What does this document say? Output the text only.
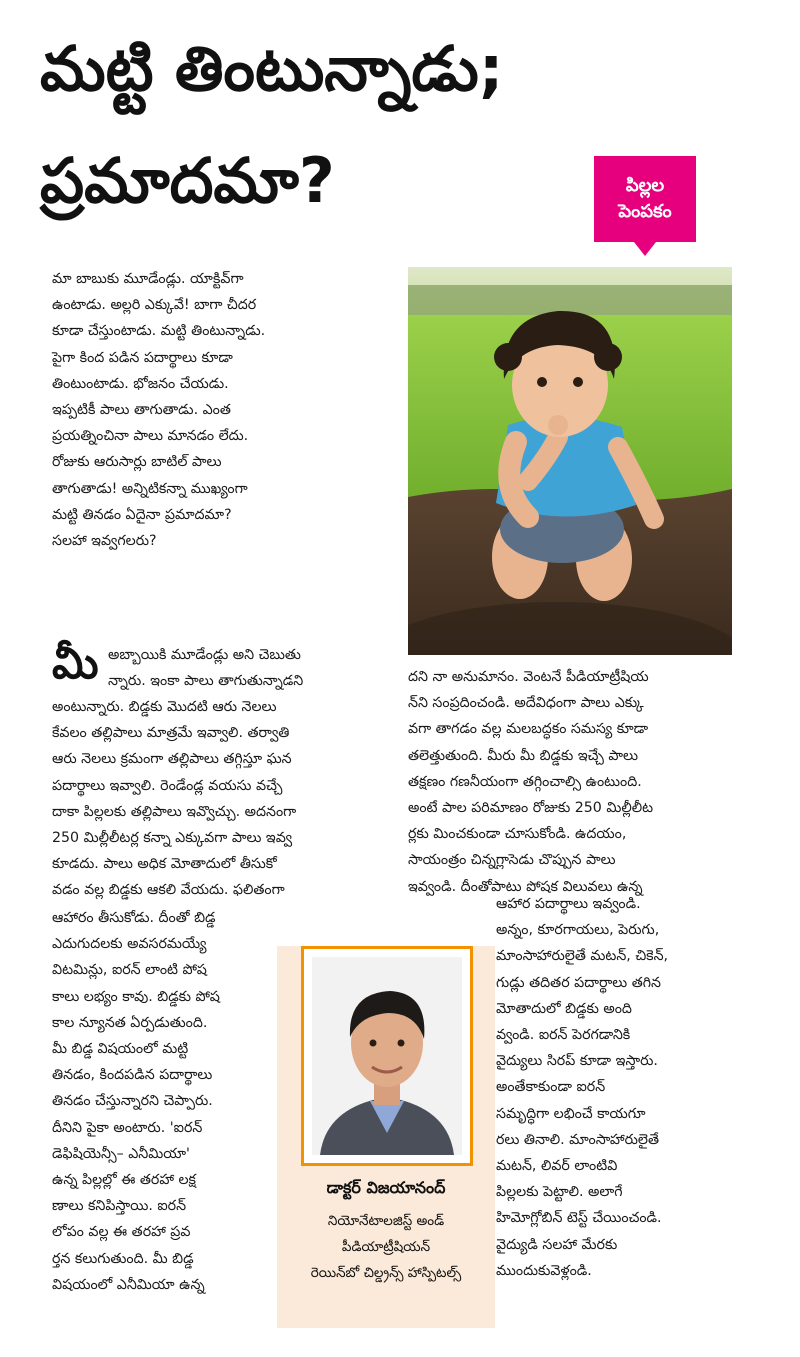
మట్టి తింటున్నాడు;
ప్రమాదమా?	పిల్లల
పెంపకం

మా బాబుకు మూడేండ్లు. యాక్టివ్‌గా

ఉంటాడు. అల్లరి ఎక్కువే! బాగా చీదర

కూడా చేస్తుంటాడు. మట్టి తింటున్నాడు.

పైగా కింద పడిన పదార్థాలు కూడా

తింటుంటాడు. భోజనం చేయడు.

ఇప్పటికీ పాలు తాగుతాడు. ఎంత

ప్రయత్నించినా పాలు మానడం లేదు.

రోజుకు ఆరుసార్లు బాటిల్ పాలు

తాగుతాడు! అన్నిటికన్నా ముఖ్యంగా

మట్టి తినడం ఏదైనా ప్రమాదమా?

సలహా ఇవ్వగలరు?

మీ అబ్బాయికి మూడేండ్లు అని చెబుతు

న్నారు. ఇంకా పాలు తాగుతున్నాడని

అంటున్నారు. బిడ్డకు మొదటి ఆరు నెలలు

కేవలం తల్లిపాలు మాత్రమే ఇవ్వాలి. తర్వాతి

ఆరు నెలలు క్రమంగా తల్లిపాలు తగ్గిస్తూ ఘన

పదార్థాలు ఇవ్వాలి. రెండేండ్ల వయసు వచ్చే

దాకా పిల్లలకు తల్లిపాలు ఇవ్వొచ్చు. అదనంగా

250 మిల్లీలీటర్ల కన్నా ఎక్కువగా పాలు ఇవ్వ

కూడదు. పాలు అధిక మోతాదులో తీసుకో

వడం వల్ల బిడ్డకు ఆకలి వేయదు. ఫలితంగా

ఆహారం తీసుకోడు. దీంతో బిడ్డ

ఎదుగుదలకు అవసరమయ్యే

విటమిన్లు, ఐరన్ లాంటి పోష

కాలు లభ్యం కావు. బిడ్డకు పోష

కాల న్యూనత ఏర్పడుతుంది.

మీ బిడ్డ విషయంలో మట్టి

తినడం, కిందపడిన పదార్థాలు

తినడం చేస్తున్నారని చెప్పారు.

దీనిని పైకా అంటారు. 'ఐరన్

డెఫిషియెన్సీ– ఎనీమియా'

ఉన్న పిల్లల్లో ఈ తరహా లక్ష

ణాలు కనిపిస్తాయి. ఐరన్

లోపం వల్ల ఈ తరహా ప్రవ

ర్తన కలుగుతుంది. మీ బిడ్డ

విషయంలో ఎనీమియా ఉన్న

దని నా అనుమానం. వెంటనే పీడియాట్రీషియ

న్‌ని సంప్రదించండి. అదేవిధంగా పాలు ఎక్కు

వగా తాగడం వల్ల మలబద్ధకం సమస్య కూడా

తలెత్తుతుంది. మీరు మీ బిడ్డకు ఇచ్చే పాలు

తక్షణం గణనీయంగా తగ్గించాల్సి ఉంటుంది.

అంటే పాల పరిమాణం రోజుకు 250 మిల్లీలీట

ర్లకు మించకుండా చూసుకోండి. ఉదయం,

సాయంత్రం చిన్నగ్లాసెడు చొప్పున పాలు

ఇవ్వండి. దీంతోపాటు పోషక విలువలు ఉన్న

ఆహార పదార్థాలు ఇవ్వండి.

అన్నం, కూరగాయలు, పెరుగు,

మాంసాహారులైతే మటన్, చికెన్,

గుడ్లు తదితర పదార్థాలు తగిన

మోతాదులో బిడ్డకు అంది

వ్వండి. ఐరన్ పెరగడానికి

వైద్యులు సిరప్ కూడా ఇస్తారు.

అంతేకాకుండా ఐరన్

సమృద్ధిగా లభించే కాయగూ

రలు తినాలి. మాంసాహారులైతే

మటన్, లివర్ లాంటివి

పిల్లలకు పెట్టాలి. అలాగే

హిమోగ్లోబిన్ టెస్ట్ చేయించండి.

వైద్యుడి సలహా మేరకు

ముందుకువెళ్లండి.

డాక్టర్ విజయానంద్

నియోనేటాలజిస్ట్ అండ్

పీడియాట్రీషియన్

రెయిన్‌బో చిల్డ్రన్స్ హాస్పిటల్స్
